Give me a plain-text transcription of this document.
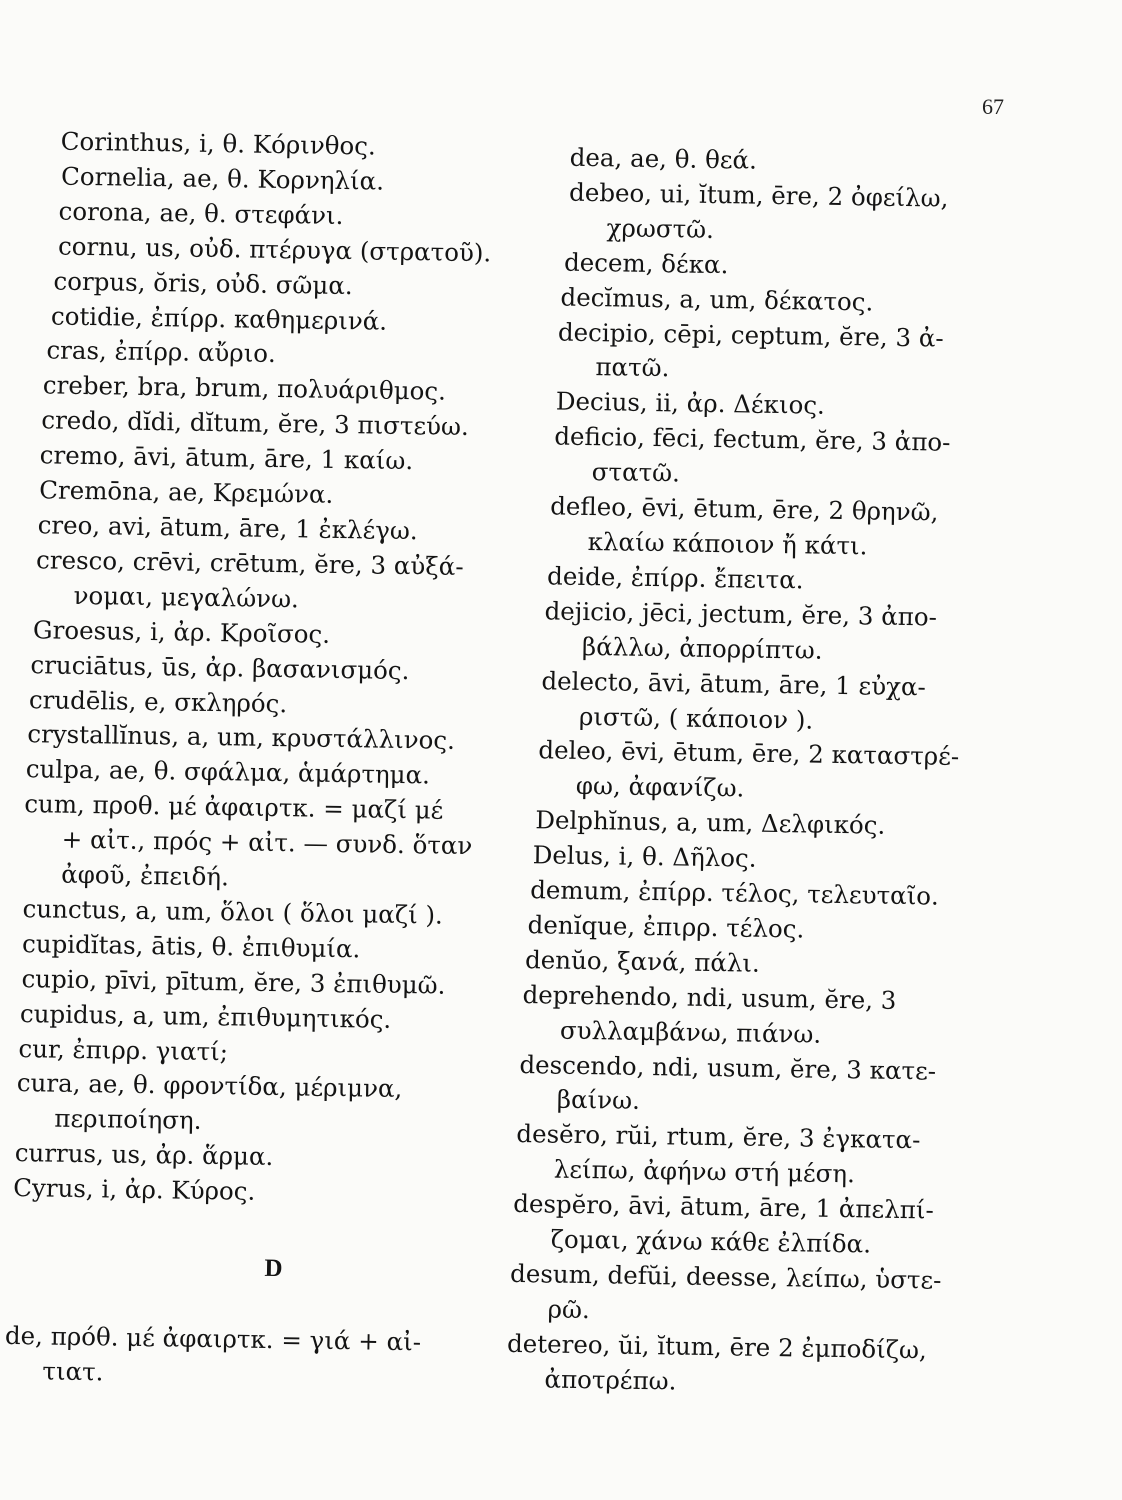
67
Corinthus, i, θ. Κόρινθος.
Cornelia, ae, θ. Κορνηλία.
corona, ae, θ. στεφάνι.
cornu, us, οὐδ. πτέρυγα (στρατοῦ).
corpus, ŏris, οὐδ. σῶμα.
cotidie, ἐπίρρ. καθημερινά.
cras, ἐπίρρ. αὔριο.
creber, bra, brum, πολυάριθμος.
credo, dĭdi, dĭtum, ĕre, 3 πιστεύω.
cremo, āvi, ātum, āre, 1 καίω.
Cremōna, ae, Κρεμώνα.
creo, avi, ātum, āre, 1 ἐκλέγω.
cresco, crēvi, crētum, ĕre, 3 αὐξά-
νομαι, μεγαλώνω.
Groesus, i, ἀρ. Κροῖσος.
cruciātus, ūs, ἀρ. βασανισμός.
crudēlis, e, σκληρός.
crystallĭnus, a, um, κρυστάλλινος.
culpa, ae, θ. σφάλμα, ἁμάρτημα.
cum, προθ. μέ ἀφαιρτκ. = μαζί μέ
+ αἰτ., πρός + αἰτ. — συνδ. ὅταν
ἀφοῦ, ἐπειδή.
cunctus, a, um, ὅλοι ( ὅλοι μαζί ).
cupidĭtas, ātis, θ. ἐπιθυμία.
cupio, pīvi, pītum, ĕre, 3 ἐπιθυμῶ.
cupidus, a, um, ἐπιθυμητικός.
cur, ἐπιρρ. γιατί;
cura, ae, θ. φροντίδα, μέριμνα,
περιποίηση.
currus, us, ἀρ. ἅρμα.
Cyrus, i, ἀρ. Κύρος.
D
de, πρόθ. μέ ἀφαιρτκ. = γιά + αἰ-
τιατ.
dea, ae, θ. θεά.
debeo, ui, ĭtum, ēre, 2 ὀφείλω,
χρωστῶ.
decem, δέκα.
decĭmus, a, um, δέκατος.
decipio, cēpi, ceptum, ĕre, 3 ἀ-
πατῶ.
Decius, ii, ἀρ. Δέκιος.
deficio, fēci, fectum, ĕre, 3 ἀπο-
στατῶ.
defleo, ēvi, ētum, ēre, 2 θρηνῶ,
κλαίω κάποιον ἤ κάτι.
deide, ἐπίρρ. ἔπειτα.
dejicio, jēci, jectum, ĕre, 3 ἀπο-
βάλλω, ἀπορρίπτω.
delecto, āvi, ātum, āre, 1 εὐχα-
ριστῶ, ( κάποιον ).
deleo, ēvi, ētum, ēre, 2 καταστρέ-
φω, ἀφανίζω.
Delphĭnus, a, um, Δελφικός.
Delus, i, θ. Δῆλος.
demum, ἐπίρρ. τέλος, τελευταῖο.
denĭque, ἐπιρρ. τέλος.
denŭo, ξανά, πάλι.
deprehendo, ndi, usum, ĕre, 3
συλλαμβάνω, πιάνω.
descendo, ndi, usum, ĕre, 3 κατε-
βαίνω.
desĕro, rŭi, rtum, ĕre, 3 ἐγκατα-
λείπω, ἀφήνω στή μέση.
despĕro, āvi, ātum, āre, 1 ἀπελπί-
ζομαι, χάνω κάθε ἐλπίδα.
desum, defŭi, deesse, λείπω, ὑστε-
ρῶ.
detereo, ŭi, ĭtum, ēre 2 ἐμποδίζω,
ἀποτρέπω.
